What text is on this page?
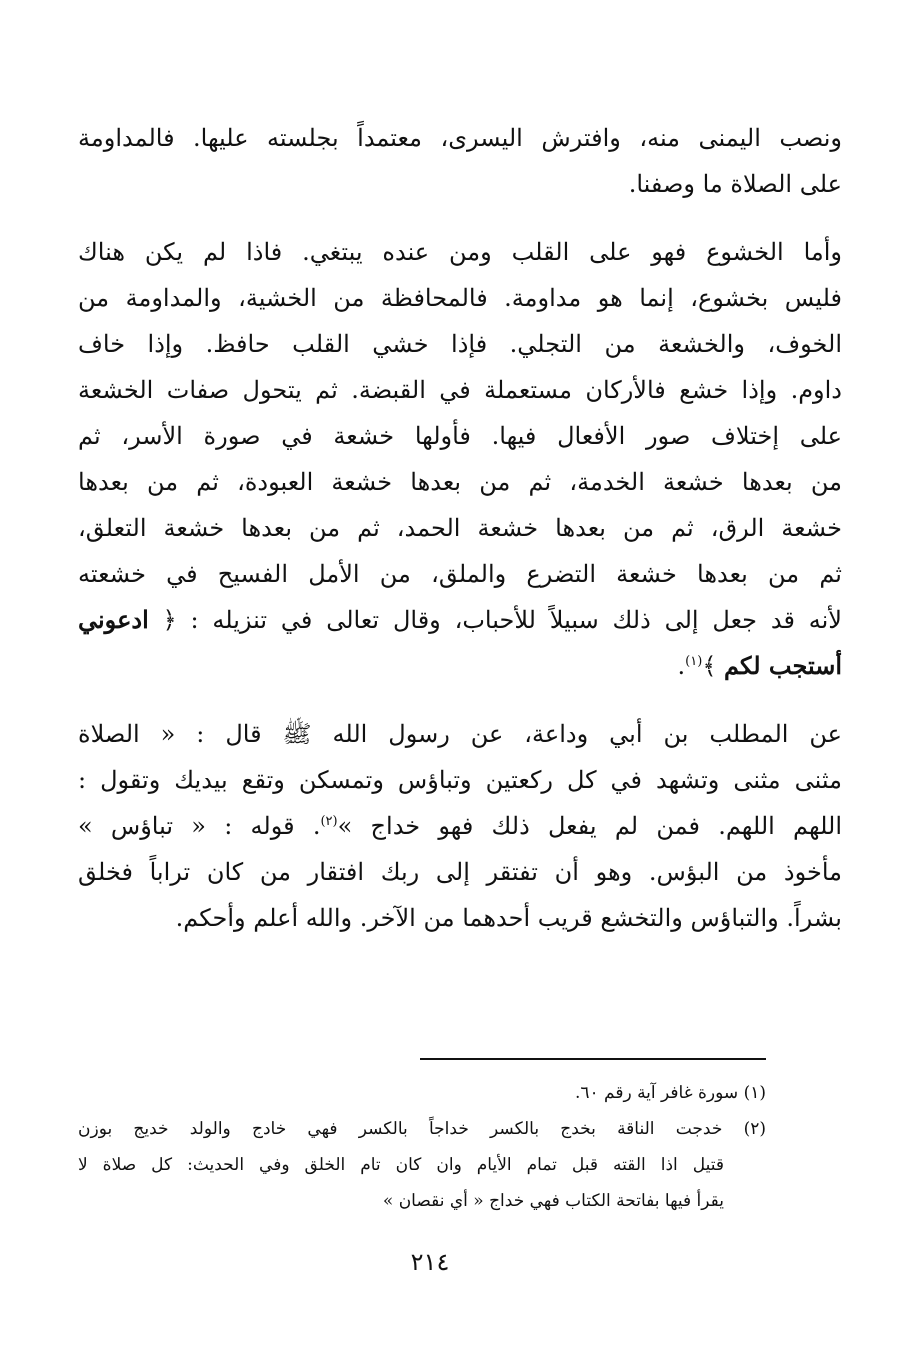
ونصب اليمنى منه، وافترش اليسرى، معتمداً بجلسته عليها. فالمداومة
على الصلاة ما وصفنا.
وأما الخشوع فهو على القلب ومن عنده يبتغي. فاذا لم يكن هناك
فليس بخشوع، إنما هو مداومة. فالمحافظة من الخشية، والمداومة من
الخوف، والخشعة من التجلي. فإذا خشي القلب حافظ. وإذا خاف
داوم. وإذا خشع فالأركان مستعملة في القبضة. ثم يتحول صفات الخشعة
على إختلاف صور الأفعال فيها. فأولها خشعة في صورة الأسر، ثم
من بعدها خشعة الخدمة، ثم من بعدها خشعة العبودة، ثم من بعدها
خشعة الرق، ثم من بعدها خشعة الحمد، ثم من بعدها خشعة التعلق،
ثم من بعدها خشعة التضرع والملق، من الأمل الفسيح في خشعته
لأنه قد جعل إلى ذلك سبيلاً للأحباب، وقال تعالى في تنزيله : ﴿ ادعوني
أستجب لكم ﴾$^{(١)}$.
عن المطلب بن أبي وداعة، عن رسول الله ﷺ قال : « الصلاة
مثنى مثنى وتشهد في كل ركعتين وتباؤس وتمسكن وتقع بيديك وتقول :
اللهم اللهم. فمن لم يفعل ذلك فهو خداج »$^{(٢)}$. قوله : « تباؤس »
مأخوذ من البؤس. وهو أن تفتقر إلى ربك افتقار من كان تراباً فخلق
بشراً. والتباؤس والتخشع قريب أحدهما من الآخر. والله أعلم وأحكم.
(١) سورة غافر آية رقم ٦٠.
(٢) خدجت الناقة بخدج بالكسر خداجاً بالكسر فهي خادج والولد خديج بوزن
قتيل اذا القته قبل تمام الأيام وان كان تام الخلق وفي الحديث: كل صلاة لا
يقرأ فيها بفاتحة الكتاب فهي خداج « أي نقصان »
٢١٤
